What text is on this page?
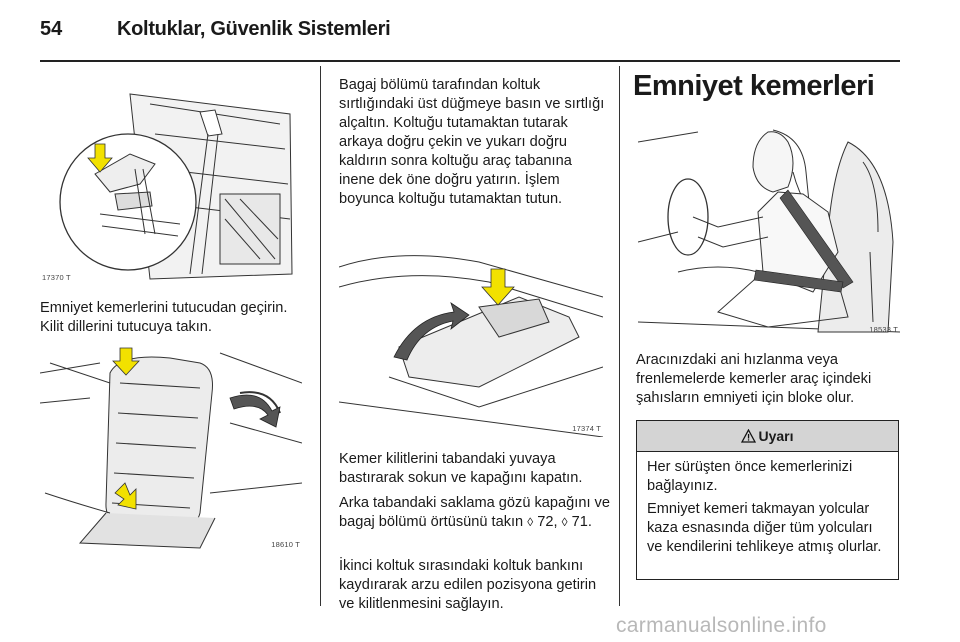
54	Koltuklar, Güvenlik Sistemleri
17370 T

Emniyet kemerlerini tutucudan geçirin. Kilit dillerini tutucuya takın.

18610 T

Bagaj bölümü tarafından koltuk sırtlığındaki üst düğmeye basın ve sırtlığı alçaltın. Koltuğu tutamaktan tutarak arkaya doğru çekin ve yukarı doğru kaldırın sonra koltuğu araç tabanına inene dek öne doğru yatırın. İşlem boyunca koltuğu tutamaktan tutun.

17374 T

Kemer kilitlerini tabandaki yuvaya bastırarak sokun ve kapağını kapatın.

Arka tabandaki saklama gözü kapağını ve bagaj bölümü örtüsünü takın ◊ 72, ◊ 71.

İkinci koltuk sırasındaki koltuk bankını kaydırarak arzu edilen pozisyona getirin ve kilitlenmesini sağlayın.

Emniyet kemerleri
18533 T

Aracınızdaki ani hızlanma veya frenlemelerde kemerler araç içindeki şahısların emniyeti için bloke olur.

Uyarı

Her sürüşten önce kemerlerinizi bağlayınız.

Emniyet kemeri takmayan yolcular kaza esnasında diğer tüm yolcuları ve kendilerini tehlikeye atmış olurlar.

carmanualsonline.info
